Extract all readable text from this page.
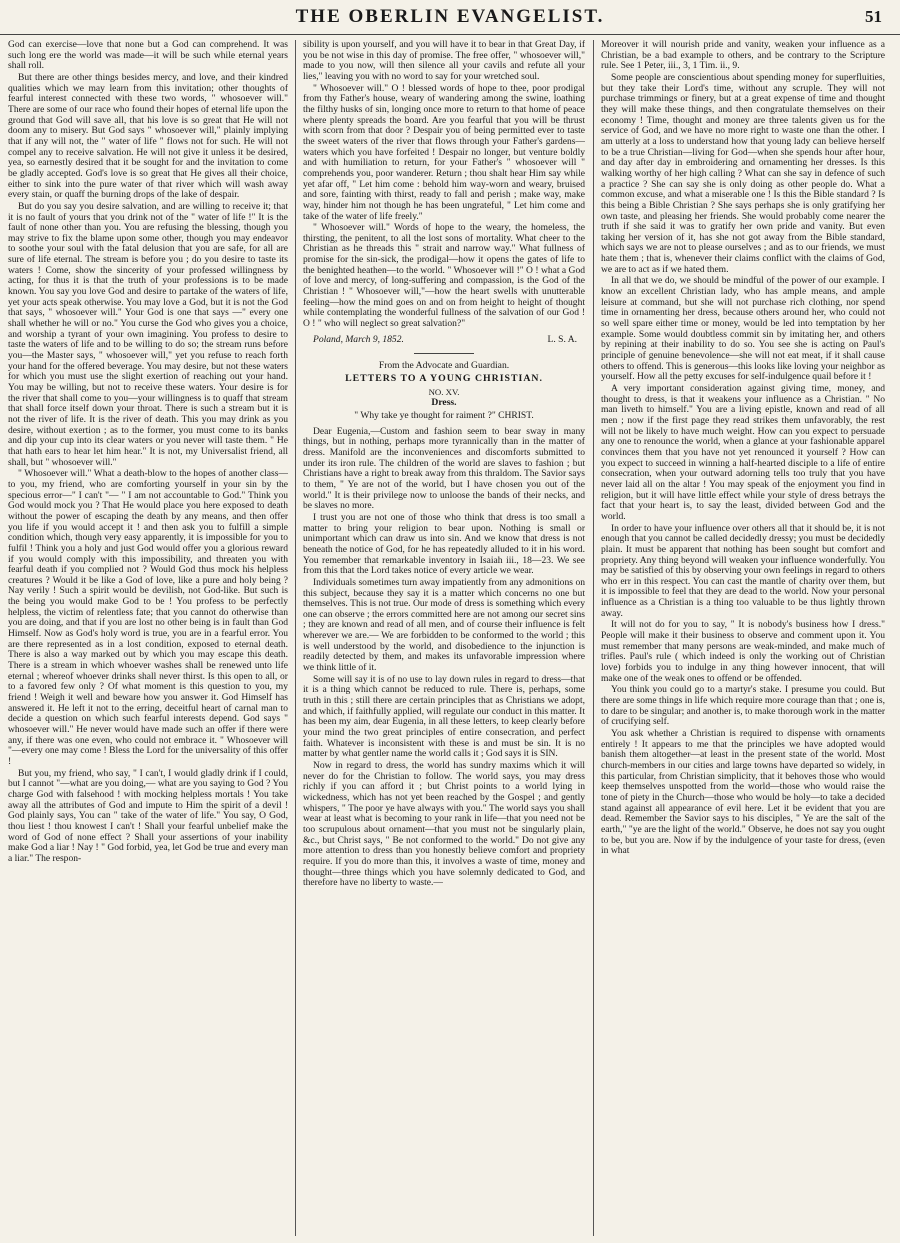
THE OBERLIN EVANGELIST.	51

God can exercise—love that none but a God can comprehend. It was such long ere the world was made—it will be such while eternal years shall roll.

But there are other things besides mercy, and love, and their kindred qualities which we may learn from this invitation; other thoughts of fearful interest connected with these two words, " whosoever will." There are some of our race who found their hopes of eternal life upon the ground that God will save all, that his love is so great that He will not doom any to misery. But God says " whosoever will," plainly implying that if any will not, the " water of life " flows not for such. He will not compel any to receive salvation. He will not give it unless it be desired, yea, so earnestly desired that it be sought for and the invitation to come be gladly accepted. God's love is so great that He gives all their choice, either to sink into the pure water of that river which will wash away every stain, or quaff the burning drops of the lake of despair.

But do you say you desire salvation, and are willing to receive it; that it is no fault of yours that you drink not of the " water of life !" It is the fault of none other than you. You are refusing the blessing, though you may strive to fix the blame upon some other, though you may endeavor to soothe your soul with the fatal delusion that you are safe, for all are sure of life eternal. The stream is before you ; do you desire to taste its waters ! Come, show the sincerity of your professed willingness by acting, for thus it is that the truth of your professions is to be made known. You say you love God and desire to partake of the waters of life, yet your acts speak otherwise. You may love a God, but it is not the God that says, " whosoever will." Your God is one that says —" every one shall whether he will or no." You curse the God who gives you a choice, and worship a tyrant of your own imagining. You profess to desire to taste the waters of life and to be willing to do so; the stream runs before you—the Master says, " whosoever will," yet you refuse to reach forth your hand for the offered beverage. You may desire, but not these waters for which you must use the slight exertion of reaching out your hand. You may be willing, but not to receive these waters. Your desire is for the river that shall come to you—your willingness is to quaff that stream that shall force itself down your throat. There is such a stream but it is not the river of life. It is the river of death. This you may drink as you desire, without exertion ; as to the former, you must come to its banks and dip your cup into its clear waters or you never will taste them. " He that hath ears to hear let him hear." It is not, my Universalist friend, all shall, but " whosoever will."

" Whosoever will." What a death-blow to the hopes of another class—to you, my friend, who are comforting yourself in your sin by the specious error—" I can't "— " I am not accountable to God." Think you God would mock you ? That He would place you here exposed to death without the power of escaping the death by any means, and then offer you life if you would accept it ! and then ask you to fulfill a simple condition which, though very easy apparently, it is impossible for you to fulfil ! Think you a holy and just God would offer you a glorious reward if you would comply with this impossibility, and threaten you with fearful death if you complied not ? Would God thus mock his helpless creatures ? Would it be like a God of love, like a pure and holy being ? Nay verily ! Such a spirit would be devilish, not God-like. But such is the being you would make God to be ! You profess to be perfectly helpless, the victim of relentless fate; that you cannot do otherwise than you are doing, and that if you are lost no other being is in fault than God Himself. Now as God's holy word is true, you are in a fearful error. You are there represented as in a lost condition, exposed to eternal death. There is also a way marked out by which you may escape this death. There is a stream in which whoever washes shall be renewed unto life eternal ; whereof whoever drinks shall never thirst. Is this open to all, or to a favored few only ? Of what moment is this question to you, my friend ! Weigh it well and beware how you answer it. God Himself has answered it. He left it not to the erring, deceitful heart of carnal man to decide a question on which such fearful interests depend. God says " whosoever will." He never would have made such an offer if there were any, if there was one even, who could not embrace it. " Whosoever will "—every one may come ! Bless the Lord for the universality of this offer !

But you, my friend, who say, " I can't, I would gladly drink if I could, but I cannot "—what are you doing,— what are you saying to God ? You charge God with falsehood ! with mocking helpless mortals ! You take away all the attributes of God and impute to Him the spirit of a devil ! God plainly says, You can " take of the water of life." You say, O God, thou liest ! thou knowest I can't ! Shall your fearful unbelief make the word of God of none effect ? Shall your assertions of your inability make God a liar ! Nay ! " God forbid, yea, let God be true and every man a liar." The respon-

sibility is upon yourself, and you will have it to bear in that Great Day, if you be not wise in this day of promise. The free offer, " whosoever will," made to you now, will then silence all your cavils and refute all your lies," leaving you with no word to say for your wretched soul.

" Whosoever will." O ! blessed words of hope to thee, poor prodigal from thy Father's house, weary of wandering among the swine, loathing the filthy husks of sin, longing once more to return to that home of peace where plenty spreads the board. Are you fearful that you will be thrust with scorn from that door ? Despair you of being permitted ever to taste the sweet waters of the river that flows through your Father's gardens—waters which you have forfeited ! Despair no longer, but venture boldly and with humiliation to return, for your Father's " whosoever will " comprehends you, poor wanderer. Return ; thou shalt hear Him say while yet afar off, " Let him come : behold him way-worn and weary, bruised and sore, fainting with thirst, ready to fall and perish ; make way, make way, hinder him not though he has been ungrateful, " Let him come and take of the water of life freely."

" Whosoever will." Words of hope to the weary, the homeless, the thirsting, the penitent, to all the lost sons of mortality. What cheer to the Christian as he threads this " strait and narrow way." What fullness of promise for the sin-sick, the prodigal—how it opens the gates of life to the benighted heathen—to the world. " Whosoever will !" O ! what a God of love and mercy, of long-suffering and compassion, is the God of the Christian ! " Whosoever will,"—how the heart swells with unutterable feeling—how the mind goes on and on from height to height of thought while contemplating the wonderful fullness of the salvation of our God ! O ! " who will neglect so great salvation?"

Poland, March 9, 1852.	L. S. A.

From the Advocate and Guardian.

LETTERS TO A YOUNG CHRISTIAN.

NO. XV.

Dress.

" Why take ye thought for raiment ?" CHRIST.

Dear Eugenia,—Custom and fashion seem to bear sway in many things, but in nothing, perhaps more tyrannically than in the matter of dress. Manifold are the inconveniences and discomforts submitted to under its iron rule. The children of the world are slaves to fashion ; but Christians have a right to break away from this thraldom. The Savior says to them, " Ye are not of the world, but I have chosen you out of the world." It is their privilege now to unloose the bands of their necks, and be slaves no more.

I trust you are not one of those who think that dress is too small a matter to bring your religion to bear upon. Nothing is small or unimportant which can draw us into sin. And we know that dress is not beneath the notice of God, for he has repeatedly alluded to it in his word. You remember that remarkable inventory in Isaiah iii., 18—23. We see from this that the Lord takes notice of every article we wear.

Individuals sometimes turn away impatiently from any admonitions on this subject, because they say it is a matter which concerns no one but themselves. This is not true. Our mode of dress is something which every one can observe ; the errors committed here are not among our secret sins ; they are known and read of all men, and of course their influence is felt wherever we are.— We are forbidden to be conformed to the world ; this is well understood by the world, and disobedience to the injunction is readily detected by them, and makes its unfavorable impression where we think little of it.

Some will say it is of no use to lay down rules in regard to dress—that it is a thing which cannot be reduced to rule. There is, perhaps, some truth in this ; still there are certain principles that as Christians we adopt, and which, if faithfully applied, will regulate our conduct in this matter. It has been my aim, dear Eugenia, in all these letters, to keep clearly before your mind the two great principles of entire consecration, and perfect faith. Whatever is inconsistent with these is and must be sin. It is no matter by what gentler name the world calls it ; God says it is SIN.

Now in regard to dress, the world has sundry maxims which it will never do for the Christian to follow. The world says, you may dress richly if you can afford it ; but Christ points to a world lying in wickedness, which has not yet been reached by the Gospel ; and gently whispers, " The poor ye have always with you." The world says you shall wear at least what is becoming to your rank in life—that you need not be too scrupulous about ornament—that you must not be singularly plain, &c., but Christ says, " Be not conformed to the world." Do not give any more attention to dress than you honestly believe comfort and propriety require. If you do more than this, it involves a waste of time, money and thought—three things which you have solemnly dedicated to God, and therefore have no liberty to waste.—

Moreover it will nourish pride and vanity, weaken your influence as a Christian, be a bad example to others, and be contrary to the Scripture rule. See 1 Peter, iii., 3, 1 Tim. ii., 9.

Some people are conscientious about spending money for superfluities, but they take their Lord's time, without any scruple. They will not purchase trimmings or finery, but at a great expense of time and thought they will make these things, and then congratulate themselves on their economy ! Time, thought and money are three talents given us for the service of God, and we have no more right to waste one than the other. I am utterly at a loss to understand how that young lady can believe herself to be a true Christian—living for God—when she spends hour after hour, and day after day in embroidering and ornamenting her dresses. Is this walking worthy of her high calling ? What can she say in defence of such a practice ? She can say she is only doing as other people do. What a common excuse, and what a miserable one ! Is this the Bible standard ? Is this being a Bible Christian ? She says perhaps she is only gratifying her own taste, and pleasing her friends. She would probably come nearer the truth if she said it was to gratify her own pride and vanity. But even taking her version of it, has she not got away from the Bible standard, which says we are not to please ourselves ; and as to our friends, we must hate them ; that is, whenever their claims conflict with the claims of God, we are to act as if we hated them.

In all that we do, we should be mindful of the power of our example. I know an excellent Christian lady, who has ample means, and ample leisure at command, but she will not purchase rich clothing, nor spend time in ornamenting her dress, because others around her, who could not so well spare either time or money, would be led into temptation by her example. Some would doubtless commit sin by imitating her, and others by repining at their inability to do so. You see she is acting on Paul's principle of genuine benevolence—she will not eat meat, if it shall cause others to offend. This is generous—this looks like loving your neighbor as yourself. How all the petty excuses for self-indulgence quail before it !

A very important consideration against giving time, money, and thought to dress, is that it weakens your influence as a Christian. " No man liveth to himself." You are a living epistle, known and read of all men ; now if the first page they read strikes them unfavorably, the rest will not be likely to have much weight. How can you expect to persuade any one to renounce the world, when a glance at your fashionable apparel convinces them that you have not yet renounced it yourself ? How can you expect to succeed in winning a half-hearted disciple to a life of entire consecration, when your outward adorning tells too truly that you have never laid all on the altar ! You may speak of the enjoyment you find in religion, but it will have little effect while your style of dress betrays the fact that your heart is, to say the least, divided between God and the world.

In order to have your influence over others all that it should be, it is not enough that you cannot be called decidedly dressy; you must be decidedly plain. It must be apparent that nothing has been sought but comfort and propriety. Any thing beyond will weaken your influence wonderfully. You may be satisfied of this by observing your own feelings in regard to others who err in this respect. You can cast the mantle of charity over them, but it is impossible to feel that they are dead to the world. Now your personal influence as a Christian is a thing too valuable to be thus lightly thrown away.

It will not do for you to say, " It is nobody's business how I dress." People will make it their business to observe and comment upon it. You must remember that many persons are weak-minded, and make much of trifles. Paul's rule ( which indeed is only the working out of Christian love) forbids you to indulge in any thing however innocent, that will make one of the weak ones to offend or be offended.

You think you could go to a martyr's stake. I presume you could. But there are some things in life which require more courage than that ; one is, to dare to be singular; and another is, to make thorough work in the matter of crucifying self.

You ask whether a Christian is required to dispense with ornaments entirely ! It appears to me that the principles we have adopted would banish them altogether—at least in the present state of the world. Most church-members in our cities and large towns have departed so widely, in this particular, from Christian simplicity, that it behoves those who would keep themselves unspotted from the world—those who would raise the tone of piety in the Church—those who would be holy—to take a decided stand against all appearance of evil here. Let it be evident that you are dead. Remember the Savior says to his disciples, " Ye are the salt of the earth," "ye are the light of the world." Observe, he does not say you ought to be, but you are. Now if by the indulgence of your taste for dress, (even in what
